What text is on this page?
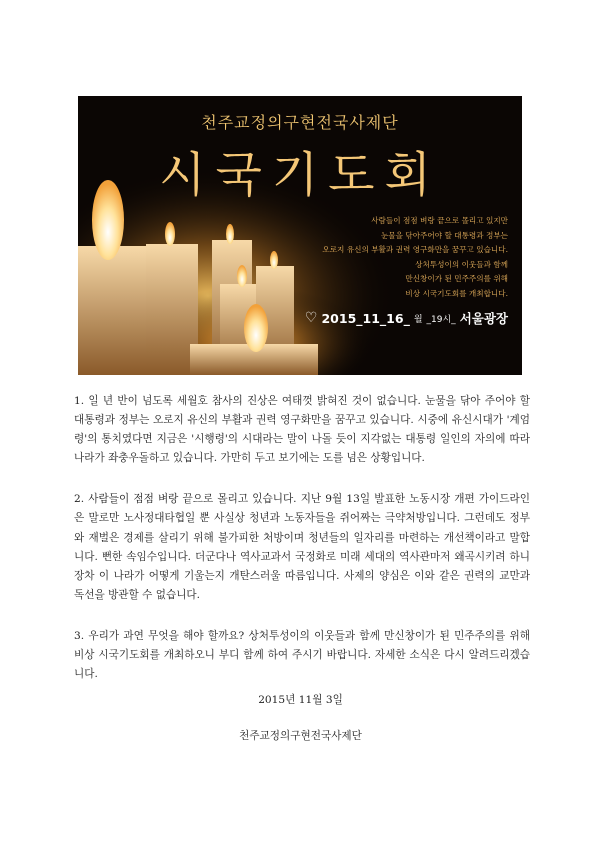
천주교정의구현전국사제단
시국기도회
사람들이 점점 벼랑 끝으로 몰리고 있지만
눈물을 닦아주어야 할 대통령과 정부는
오로지 유신의 부활과 권력 영구화만을 꿈꾸고 있습니다.
상처투성이의 이웃들과 함께
만신창이가 된 민주주의를 위해
비상 시국기도회를 개최합니다.
♡ 2015_11_16_ 월 _19시_ 서울광장

1. 일 년 반이 넘도록 세월호 참사의 진상은 여태껏 밝혀진 것이 없습니다. 눈물을 닦아 주어야 할 대통령과 정부는 오로지 유신의 부활과 권력 영구화만을 꿈꾸고 있습니다. 시중에 유신시대가 '계엄령'의 통치였다면 지금은 '시행령'의 시대라는 말이 나돌 듯이 지각없는 대통령 일인의 자의에 따라 나라가 좌충우돌하고 있습니다. 가만히 두고 보기에는 도를 넘은 상황입니다.

2. 사람들이 점점 벼랑 끝으로 몰리고 있습니다. 지난 9월 13일 발표한 노동시장 개편 가이드라인은 말로만 노사정대타협일 뿐 사실상 청년과 노동자들을 쥐어짜는 극약처방입니다. 그런데도 정부와 재벌은 경제를 살리기 위해 불가피한 처방이며 청년들의 일자리를 마련하는 개선책이라고 말합니다. 뻔한 속임수입니다. 더군다나 역사교과서 국정화로 미래 세대의 역사관마저 왜곡시키려 하니 장차 이 나라가 어떻게 기울는지 개탄스러울 따름입니다. 사제의 양심은 이와 같은 권력의 교만과 독선을 방관할 수 없습니다.

3. 우리가 과연 무엇을 해야 할까요? 상처투성이의 이웃들과 함께 만신창이가 된 민주주의를 위해 비상 시국기도회를 개최하오니 부디 함께 하여 주시기 바랍니다. 자세한 소식은 다시 알려드리겠습니다.

2015년 11월 3일
천주교정의구현전국사제단
